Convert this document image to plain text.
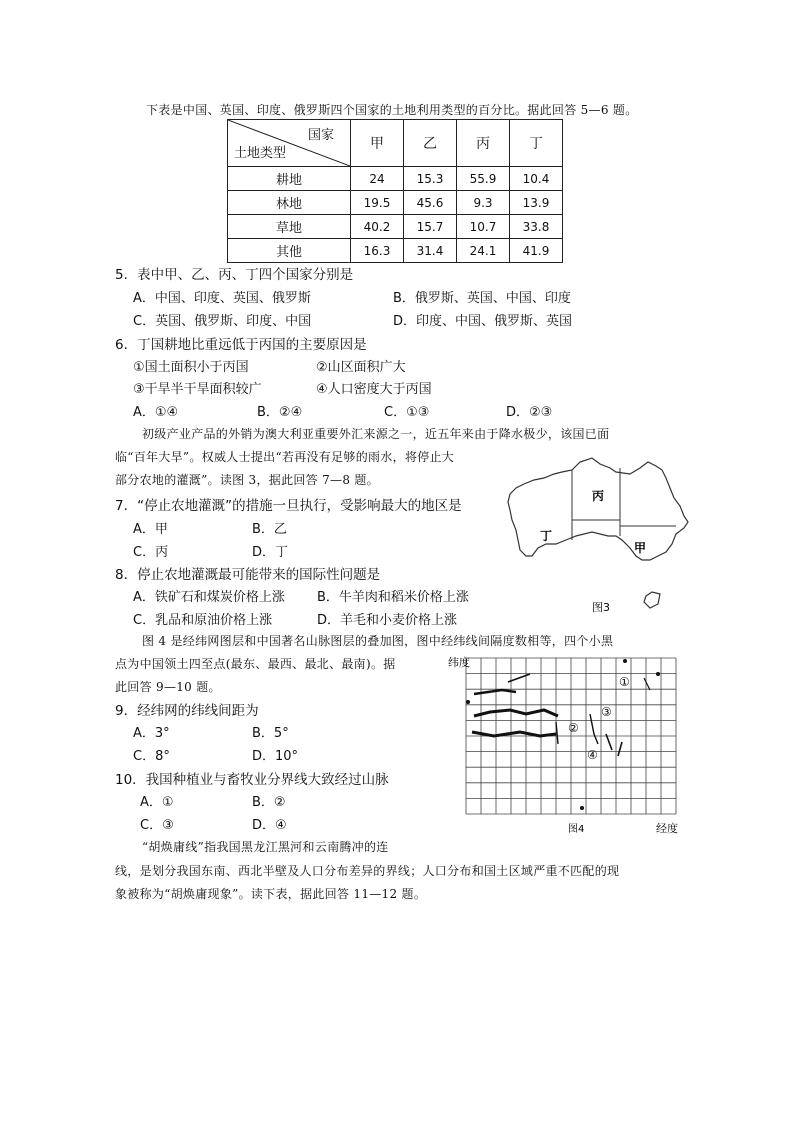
下表是中国、英国、印度、俄罗斯四个国家的土地利用类型的百分比。据此回答 5—6 题。
国家
土地类型	甲	乙	丙	丁
耕地	24	15.3	55.9	10.4
林地	19.5	45.6	9.3	13.9
草地	40.2	15.7	10.7	33.8
其他	16.3	31.4	24.1	41.9
5．表中甲、乙、丙、丁四个国家分别是
A．中国、印度、英国、俄罗斯	B．俄罗斯、英国、中国、印度
C．英国、俄罗斯、印度、中国	D．印度、中国、俄罗斯、英国
6．丁国耕地比重远低于丙国的主要原因是
①国土面积小于丙国	②山区面积广大
③干旱半干旱面积较广	④人口密度大于丙国
A．①④	B．②④	C．①③	D．②③
初级产业产品的外销为澳大利亚重要外汇来源之一，近五年来由于降水极少，该国已面
临“百年大旱”。权威人士提出“若再没有足够的雨水，将停止大
部分农地的灌溉”。读图 3，据此回答 7—8 题。
丙
丁
甲
图3
7．“停止农地灌溉”的措施一旦执行，受影响最大的地区是
A．甲	B．乙
C．丙	D．丁
8．停止农地灌溉最可能带来的国际性问题是
A．铁矿石和煤炭价格上涨 B．牛羊肉和稻米价格上涨
C．乳品和原油价格上涨	D．羊毛和小麦价格上涨
图 4 是经纬网图层和中国著名山脉图层的叠加图，图中经纬线间隔度数相等，四个小黑
点为中国领土四至点(最东、最西、最北、最南)。据
此回答 9—10 题。
纬度
经度
图4
①
②
③
④
9．经纬网的纬线间距为
A．3°	B．5°
C．8°	D．10°
10．我国种植业与畜牧业分界线大致经过山脉
A．①	B．②
C．③	D．④
“胡焕庸线”指我国黑龙江黑河和云南腾冲的连
线，是划分我国东南、西北半壁及人口分布差异的界线；人口分布和国土区域严重不匹配的现
象被称为“胡焕庸现象”。读下表，据此回答 11—12 题。
